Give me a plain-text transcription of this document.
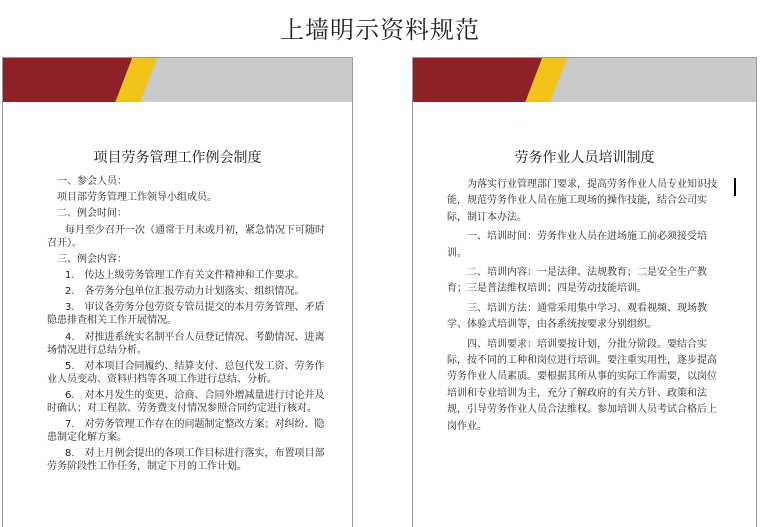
上墙明示资料规范
项目劳务管理工作例会制度

一、参会人员：

项目部劳务管理工作领导小组成员。

二、例会时间：

每月至少召开一次（通常于月末或月初，紧急情况下可随时召开）。

三、例会内容：

1.　传达上级劳务管理工作有关文件精神和工作要求。

2.　各劳务分包单位汇报劳动力计划落实、组织情况。

3.　审议各劳务分包劳资专管员提交的本月劳务管理、矛盾隐患排查相关工作开展情况。

4.　对推进系统实名制平台人员登记情况、考勤情况、进离场情况进行总结分析。

5.　对本项目合同履约、结算支付、总包代发工资、劳务作业人员变动、资料归档等各项工作进行总结、分析。

6.　对本月发生的变更、洽商、合同外增减量进行讨论并及时确认；对工程款、劳务费支付情况参照合同约定进行核对。

7.　对劳务管理工作存在的问题制定整改方案；对纠纷、隐患制定化解方案。

8.　对上月例会提出的各项工作目标进行落实，布置项目部劳务阶段性工作任务，制定下月的工作计划。

劳务作业人员培训制度

为落实行业管理部门要求，提高劳务作业人员专业知识技能，规范劳务作业人员在施工现场的操作技能，结合公司实际，制订本办法。

一、培训时间：劳务作业人员在进场施工前必须接受培训。

二、培训内容：一是法律、法规教育；二是安全生产教育；三是普法维权培训；四是劳动技能培训。

三、培训方法：通常采用集中学习、观看视频、现场教学、体验式培训等，由各系统按要求分别组织。

四、培训要求：培训要按计划，分批分阶段。要结合实际，按不同的工种和岗位进行培训。要注重实用性，逐步提高劳务作业人员素质。要根据其所从事的实际工作需要，以岗位培训和专业培训为主，充分了解政府的有关方针、政策和法规，引导劳务作业人员合法维权。参加培训人员考试合格后上岗作业。
